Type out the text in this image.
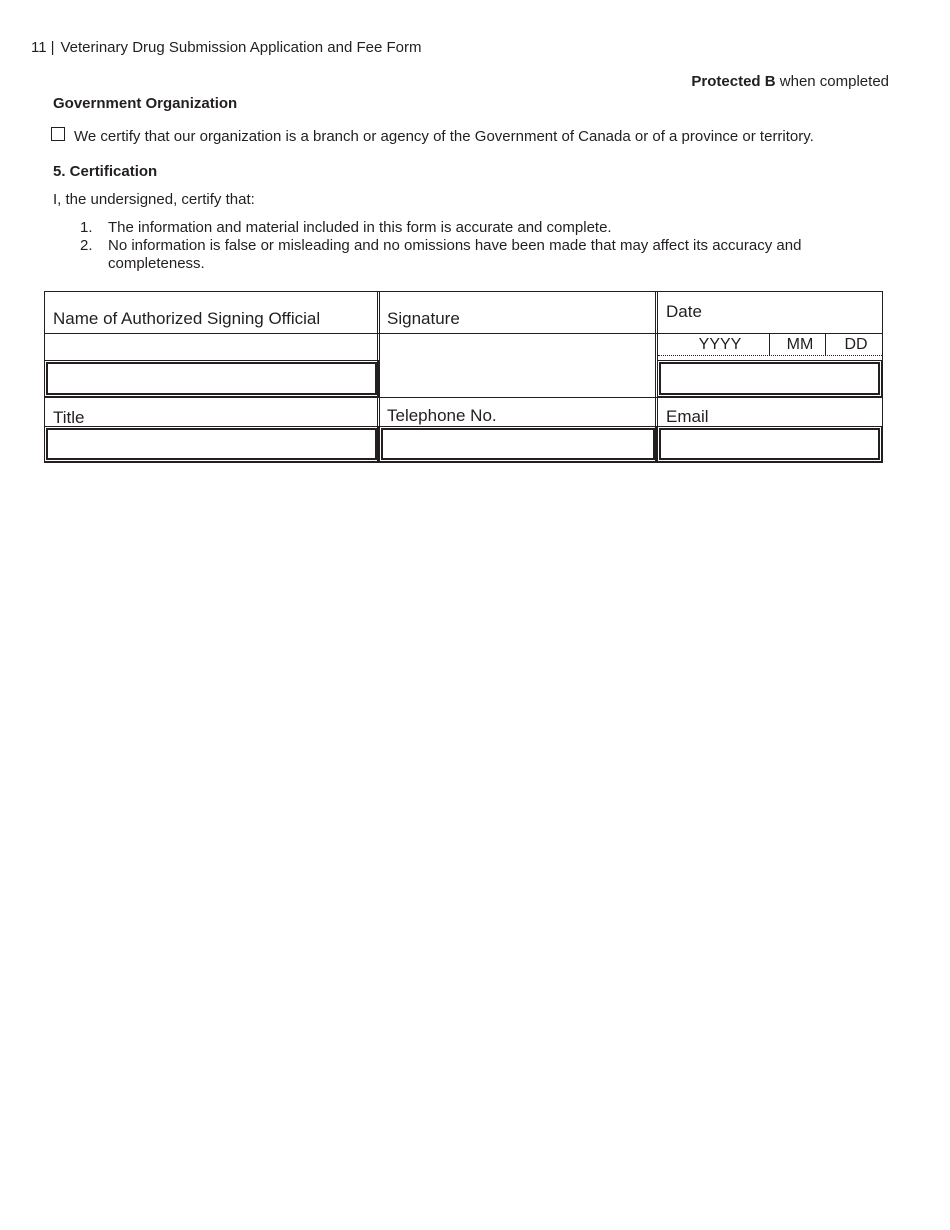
11 | Veterinary Drug Submission Application and Fee Form
Protected B when completed
Government Organization
We certify that our organization is a branch or agency of the Government of Canada or of a province or territory.
5. Certification
I, the undersigned, certify that:
1. The information and material included in this form is accurate and complete.
2. No information is false or misleading and no omissions have been made that may affect its accuracy and completeness.
Name of Authorized Signing Official	Signature	Date
YYYY	MM	DD
Title	Telephone No.	Email
